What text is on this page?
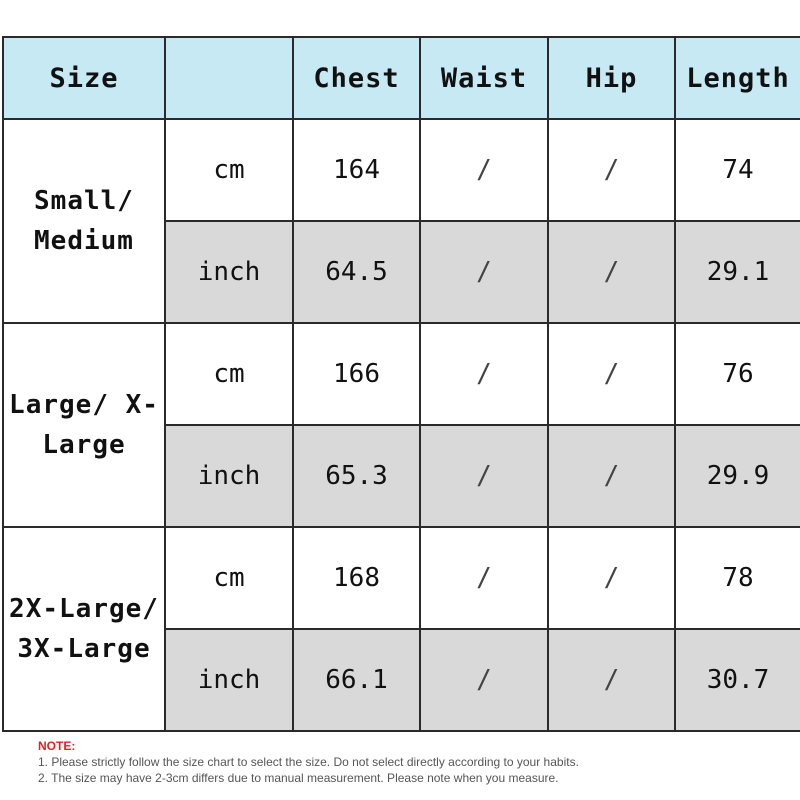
Size		Chest	Waist	Hip	Length

Small/
Medium	cm	164	/	/	74
	inch	64.5	/	/	29.1

Large/ X-
Large	cm	166	/	/	76
	inch	65.3	/	/	29.9

2X-Large/
3X-Large	cm	168	/	/	78
	inch	66.1	/	/	30.7
NOTE:
1. Please strictly follow the size chart to select the size. Do not select directly according to your habits.
2. The size may have 2-3cm differs due to manual measurement. Please note when you measure.
